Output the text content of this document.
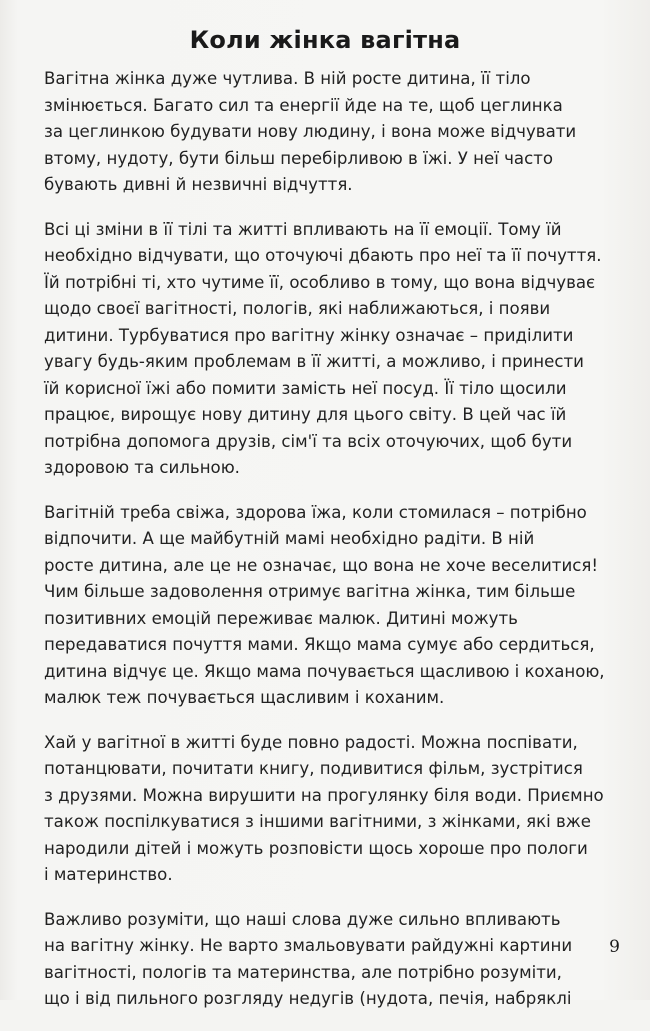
Коли жінка вагітна

Вагітна жінка дуже чутлива. В ній росте дитина, її тіло
змінюється. Багато сил та енергії йде на те, щоб цеглинка
за цеглинкою будувати нову людину, і вона може відчувати
втому, нудоту, бути більш перебірливою в їжі. У неї часто
бувають дивні й незвичні відчуття.

Всі ці зміни в її тілі та житті впливають на її емоції. Тому їй
необхідно відчувати, що оточуючі дбають про неї та її почуття.
Їй потрібні ті, хто чутиме її, особливо в тому, що вона відчуває
щодо своєї вагітності, пологів, які наближаються, і появи
дитини. Турбуватися про вагітну жінку означає – приділити
увагу будь-яким проблемам в її житті, а можливо, і принести
їй корисної їжі або помити замість неї посуд. Її тіло щосили
працює, вирощує нову дитину для цього світу. В цей час їй
потрібна допомога друзів, сім'ї та всіх оточуючих, щоб бути
здоровою та сильною.

Вагітній треба свіжа, здорова їжа, коли стомилася – потрібно
відпочити. А ще майбутній мамі необхідно радіти. В ній
росте дитина, але це не означає, що вона не хоче веселитися!
Чим більше задоволення отримує вагітна жінка, тим більше
позитивних емоцій переживає малюк. Дитині можуть
передаватися почуття мами. Якщо мама сумує або сердиться,
дитина відчує це. Якщо мама почувається щасливою і коханою,
малюк теж почувається щасливим і коханим.

Хай у вагітної в житті буде повно радості. Можна поспівати,
потанцювати, почитати книгу, подивитися фільм, зустрітися
з друзями. Можна вирушити на прогулянку біля води. Приємно
також поспілкуватися з іншими вагітними, з жінками, які вже
народили дітей і можуть розповісти щось хороше про пологи
і материнство.

Важливо розуміти, що наші слова дуже сильно впливають
на вагітну жінку. Не варто змальовувати райдужні картини
вагітності, пологів та материнства, але потрібно розуміти,
що і від пильного розгляду недугів (нудота, печія, набряклі

9
